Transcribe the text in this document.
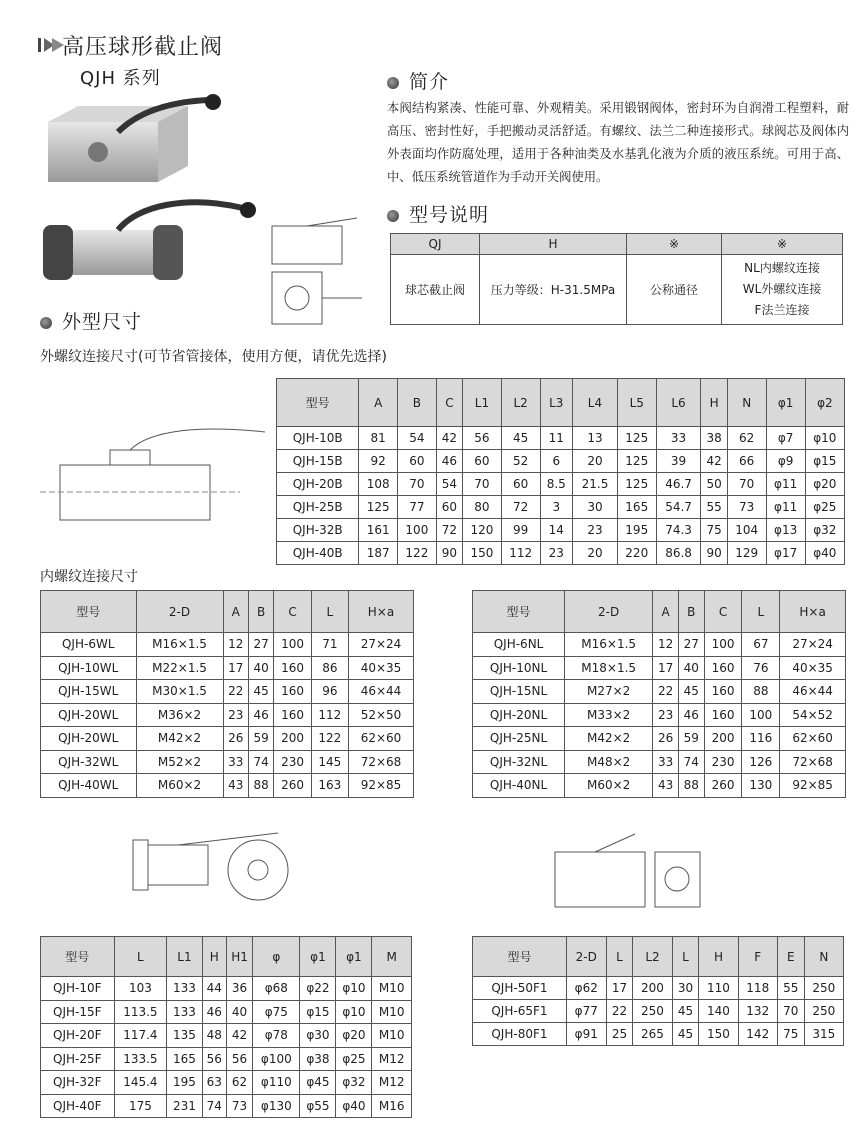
高压球形截止阀
QJH 系列	简介
本阀结构紧凑、性能可靠、外观精美。采用锻钢阀体，密封环为自润滑工程塑料，耐高压、密封性好，手把搬动灵活舒适。有螺纹、法兰二种连接形式。球阀芯及阀体内外表面均作防腐处理，适用于各种油类及水基乳化液为介质的液压系统。可用于高、中、低压系统管道作为手动开关阀使用。
型号说明
QJ	H	※	※
球芯截止阀	压力等级：H-31.5MPa	公称通径	NL内螺纹连接
WL外螺纹连接
F法兰连接
外型尺寸
外螺纹连接尺寸(可节省管接体，使用方便，请优先选择)
型号	A	B	C	L1	L2	L3	L4	L5	L6	H	N	φ1	φ2
QJH-10B	81	54	42	56	45	11	13	125	33	38	62	φ7	φ10
QJH-15B	92	60	46	60	52	6	20	125	39	42	66	φ9	φ15
QJH-20B	108	70	54	70	60	8.5	21.5	125	46.7	50	70	φ11	φ20
QJH-25B	125	77	60	80	72	3	30	165	54.7	55	73	φ11	φ25
QJH-32B	161	100	72	120	99	14	23	195	74.3	75	104	φ13	φ32
QJH-40B	187	122	90	150	112	23	20	220	86.8	90	129	φ17	φ40
内螺纹连接尺寸
型号	2-D	A	B	C	L	H×a
QJH-6WL	M16×1.5	12	27	100	71	27×24
QJH-10WL	M22×1.5	17	40	160	86	40×35
QJH-15WL	M30×1.5	22	45	160	96	46×44
QJH-20WL	M36×2	23	46	160	112	52×50
QJH-20WL	M42×2	26	59	200	122	62×60
QJH-32WL	M52×2	33	74	230	145	72×68
QJH-40WL	M60×2	43	88	260	163	92×85
型号	2-D	A	B	C	L	H×a
QJH-6NL	M16×1.5	12	27	100	67	27×24
QJH-10NL	M18×1.5	17	40	160	76	40×35
QJH-15NL	M27×2	22	45	160	88	46×44
QJH-20NL	M33×2	23	46	160	100	54×52
QJH-25NL	M42×2	26	59	200	116	62×60
QJH-32NL	M48×2	33	74	230	126	72×68
QJH-40NL	M60×2	43	88	260	130	92×85
型号	L	L1	H	H1	φ	φ1	φ1	M
QJH-10F	103	133	44	36	φ68	φ22	φ10	M10
QJH-15F	113.5	133	46	40	φ75	φ15	φ10	M10
QJH-20F	117.4	135	48	42	φ78	φ30	φ20	M10
QJH-25F	133.5	165	56	56	φ100	φ38	φ25	M12
QJH-32F	145.4	195	63	62	φ110	φ45	φ32	M12
QJH-40F	175	231	74	73	φ130	φ55	φ40	M16
型号	2-D	L	L2	L	H	F	E	N
QJH-50F1	φ62	17	200	30	110	118	55	250
QJH-65F1	φ77	22	250	45	140	132	70	250
QJH-80F1	φ91	25	265	45	150	142	75	315
